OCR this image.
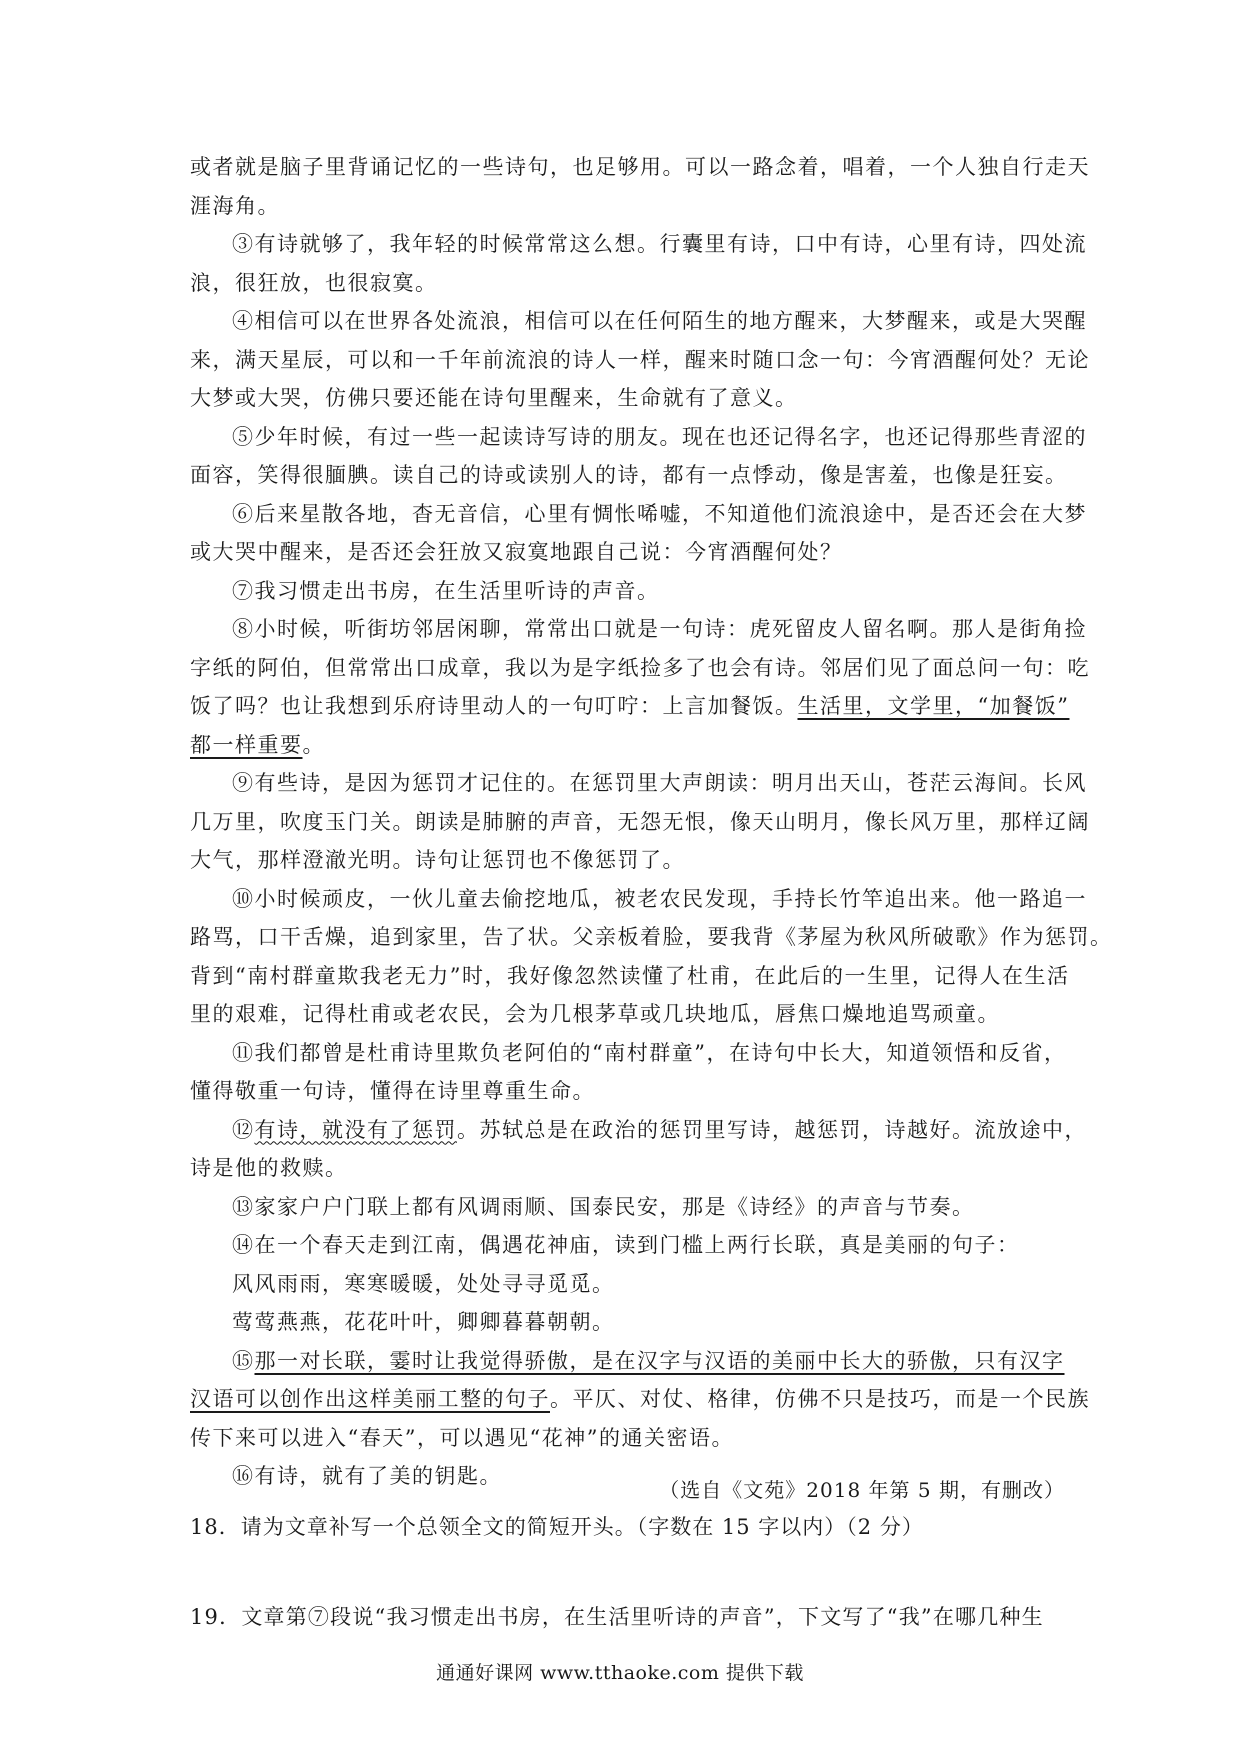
或者就是脑子里背诵记忆的一些诗句，也足够用。可以一路念着，唱着，一个人独自行走天
涯海角。
③有诗就够了，我年轻的时候常常这么想。行囊里有诗，口中有诗，心里有诗，四处流
浪，很狂放，也很寂寞。
④相信可以在世界各处流浪，相信可以在任何陌生的地方醒来，大梦醒来，或是大哭醒
来，满天星辰，可以和一千年前流浪的诗人一样，醒来时随口念一句：今宵酒醒何处？无论
大梦或大哭，仿佛只要还能在诗句里醒来，生命就有了意义。
⑤少年时候，有过一些一起读诗写诗的朋友。现在也还记得名字，也还记得那些青涩的
面容，笑得很腼腆。读自己的诗或读别人的诗，都有一点悸动，像是害羞，也像是狂妄。
⑥后来星散各地，杳无音信，心里有惆怅唏嘘，不知道他们流浪途中，是否还会在大梦
或大哭中醒来，是否还会狂放又寂寞地跟自己说：今宵酒醒何处？
⑦我习惯走出书房，在生活里听诗的声音。
⑧小时候，听街坊邻居闲聊，常常出口就是一句诗：虎死留皮人留名啊。那人是街角捡
字纸的阿伯，但常常出口成章，我以为是字纸捡多了也会有诗。邻居们见了面总问一句：吃
饭了吗？也让我想到乐府诗里动人的一句叮咛：上言加餐饭。生活里，文学里，“加餐饭”
都一样重要。
⑨有些诗，是因为惩罚才记住的。在惩罚里大声朗读：明月出天山，苍茫云海间。长风
几万里，吹度玉门关。朗读是肺腑的声音，无怨无恨，像天山明月，像长风万里，那样辽阔
大气，那样澄澈光明。诗句让惩罚也不像惩罚了。
⑩小时候顽皮，一伙儿童去偷挖地瓜，被老农民发现，手持长竹竿追出来。他一路追一
路骂，口干舌燥，追到家里，告了状。父亲板着脸，要我背《茅屋为秋风所破歌》作为惩罚。
背到“南村群童欺我老无力”时，我好像忽然读懂了杜甫，在此后的一生里，记得人在生活
里的艰难，记得杜甫或老农民，会为几根茅草或几块地瓜，唇焦口燥地追骂顽童。
⑪我们都曾是杜甫诗里欺负老阿伯的“南村群童”，在诗句中长大，知道领悟和反省，
懂得敬重一句诗，懂得在诗里尊重生命。
⑫有诗，就没有了惩罚。苏轼总是在政治的惩罚里写诗，越惩罚，诗越好。流放途中，
诗是他的救赎。
⑬家家户户门联上都有风调雨顺、国泰民安，那是《诗经》的声音与节奏。
⑭在一个春天走到江南，偶遇花神庙，读到门槛上两行长联，真是美丽的句子：
风风雨雨，寒寒暖暖，处处寻寻觅觅。
莺莺燕燕，花花叶叶，卿卿暮暮朝朝。
⑮那一对长联，霎时让我觉得骄傲，是在汉字与汉语的美丽中长大的骄傲，只有汉字
汉语可以创作出这样美丽工整的句子。平仄、对仗、格律，仿佛不只是技巧，而是一个民族
传下来可以进入“春天”，可以遇见“花神”的通关密语。
⑯有诗，就有了美的钥匙。
（选自《文苑》2018 年第 5 期，有删改）
18．请为文章补写一个总领全文的简短开头。（字数在 15 字以内）（2 分）
19．文章第⑦段说“我习惯走出书房，在生活里听诗的声音”，下文写了“我”在哪几种生
通通好课网 www.tthaoke.com 提供下载
